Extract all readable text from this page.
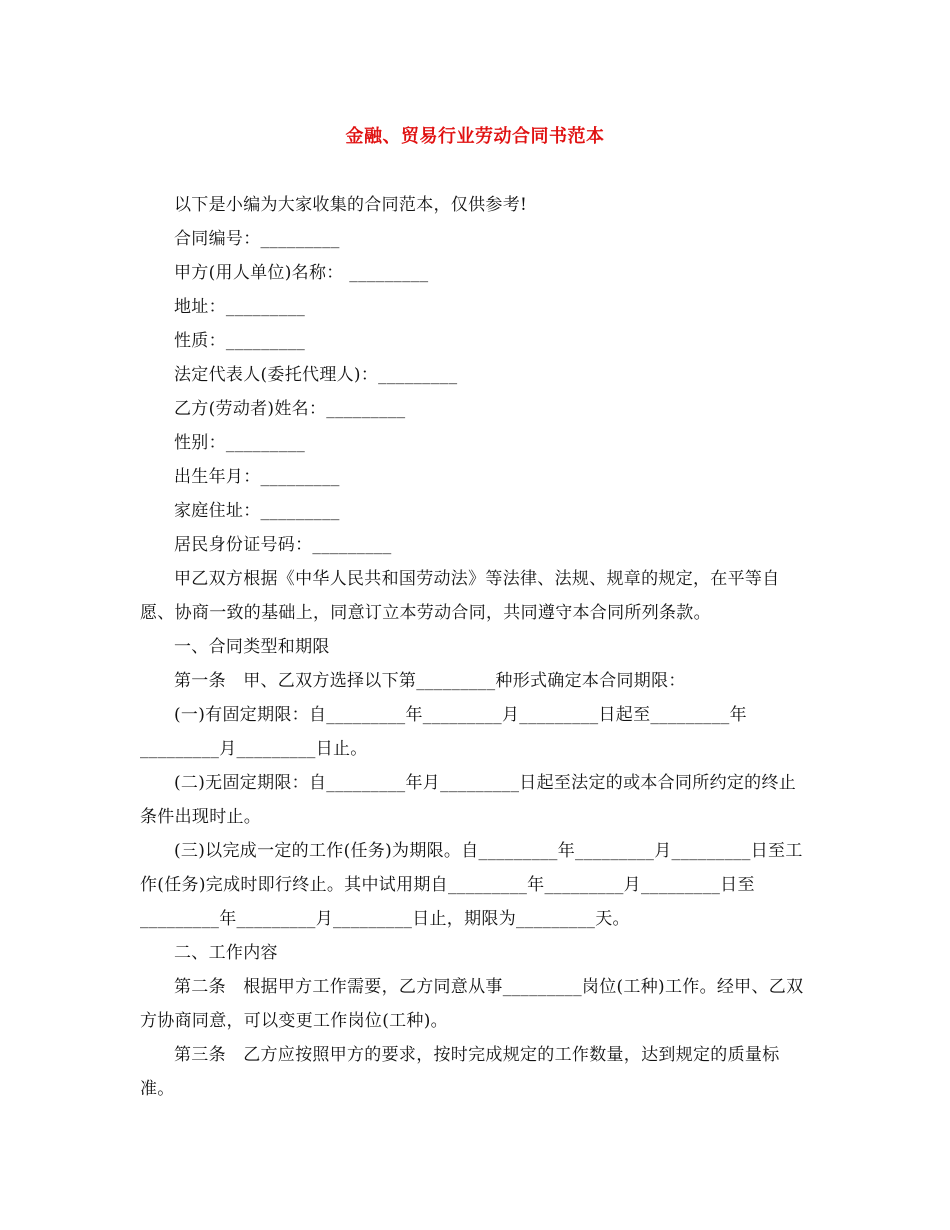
金融、贸易行业劳动合同书范本

以下是小编为大家收集的合同范本，仅供参考!

合同编号：_________

甲方(用人单位)名称： _________

地址：_________

性质：_________

法定代表人(委托代理人)：_________

乙方(劳动者)姓名：_________

性别：_________

出生年月：_________

家庭住址：_________

居民身份证号码：_________

甲乙双方根据《中华人民共和国劳动法》等法律、法规、规章的规定，在平等自愿、协商一致的基础上，同意订立本劳动合同，共同遵守本合同所列条款。

一、合同类型和期限

第一条　甲、乙双方选择以下第_________种形式确定本合同期限：

(一)有固定期限：自_________年_________月_________日起至_________年_________月_________日止。

(二)无固定期限：自_________年月_________日起至法定的或本合同所约定的终止条件出现时止。

(三)以完成一定的工作(任务)为期限。自_________年_________月_________日至工作(任务)完成时即行终止。其中试用期自_________年_________月_________日至_________年_________月_________日止，期限为_________天。

二、工作内容

第二条　根据甲方工作需要，乙方同意从事_________岗位(工种)工作。经甲、乙双方协商同意，可以变更工作岗位(工种)。

第三条　乙方应按照甲方的要求，按时完成规定的工作数量，达到规定的质量标准。
